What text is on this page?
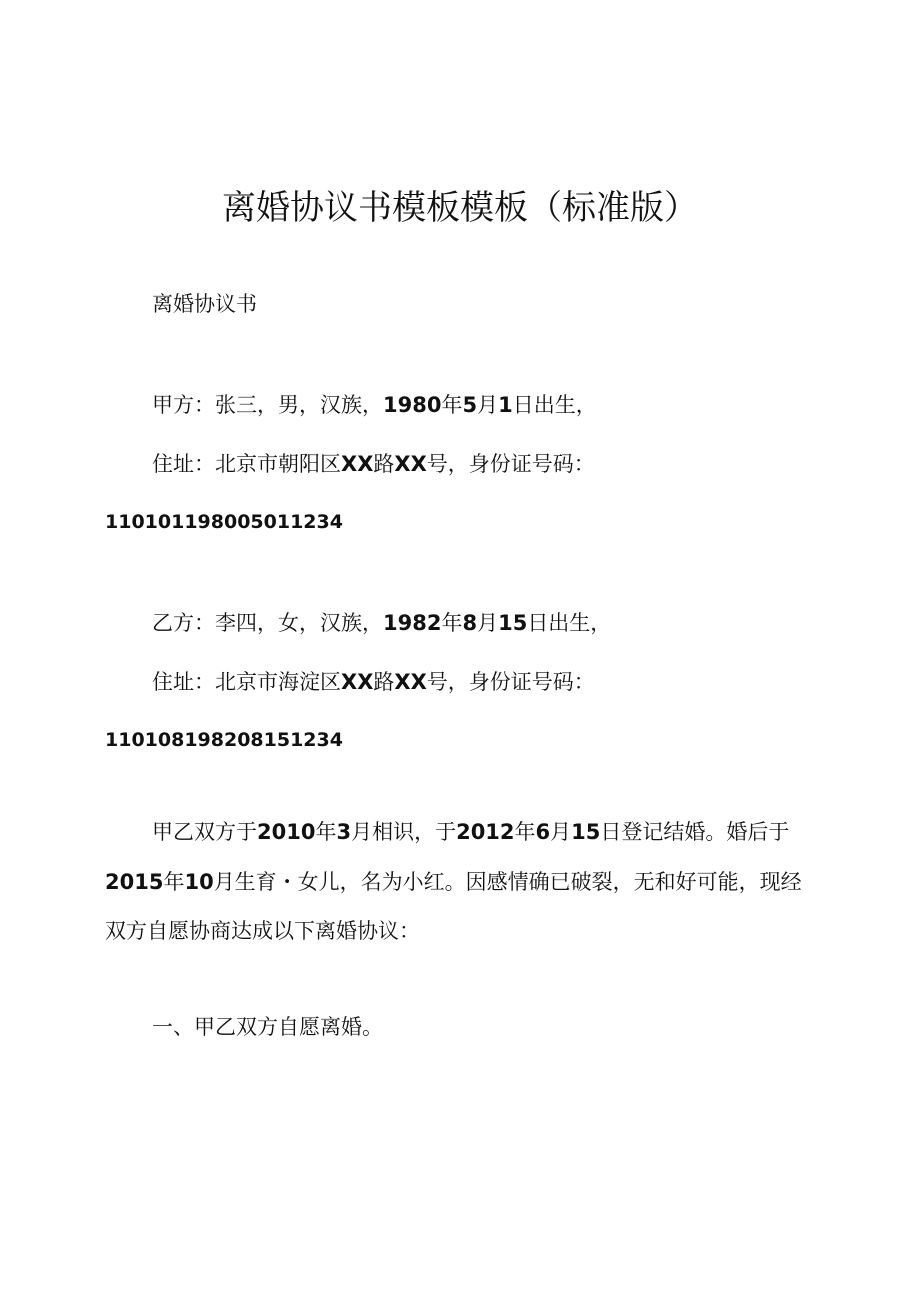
离婚协议书模板模板（标准版）
离婚协议书
甲方：张三，男，汉族，1980年5月1日出生，
住址：北京市朝阳区XX路XX号，身份证号码：
110101198005011234
乙方：李四，女，汉族，1982年8月15日出生，
住址：北京市海淀区XX路XX号，身份证号码：
110108198208151234
甲乙双方于2010年3月相识，于2012年6月15日登记结婚。婚后于
2015年10月生育・女儿，名为小红。因感情确已破裂，无和好可能，现经
双方自愿协商达成以下离婚协议：
一、甲乙双方自愿离婚。
